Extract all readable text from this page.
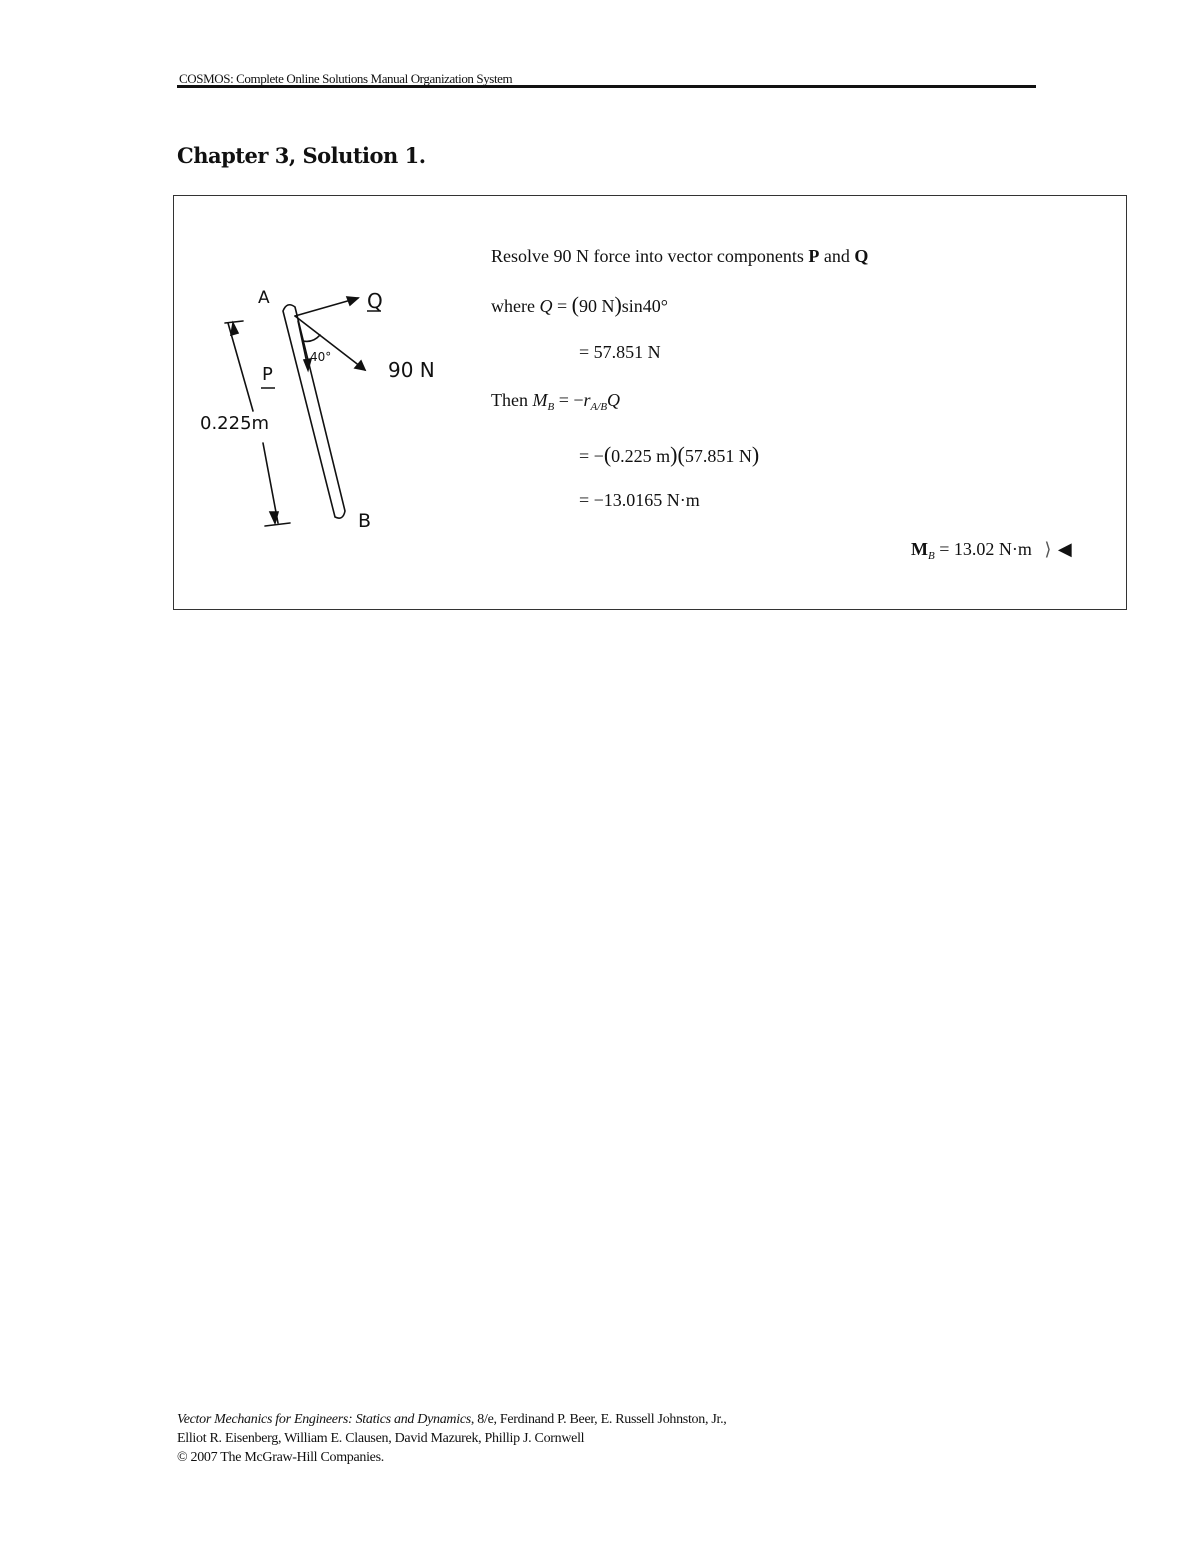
COSMOS: Complete Online Solutions Manual Organization System
Chapter 3, Solution 1.
A	Q
P
40°
90 N
0.225m
B
Resolve 90 N force into vector components P and Q
where Q = (90 N)sin40°
= 57.851 N
Then $M_B = -r_{A/B}Q$
= −(0.225 m)(57.851 N)
= −13.0165 N·m
$M_B = 13.02$ N·m ⟩ ◀
Vector Mechanics for Engineers: Statics and Dynamics, 8/e, Ferdinand P. Beer, E. Russell Johnston, Jr.,
Elliot R. Eisenberg, William E. Clausen, David Mazurek, Phillip J. Cornwell
© 2007 The McGraw-Hill Companies.
